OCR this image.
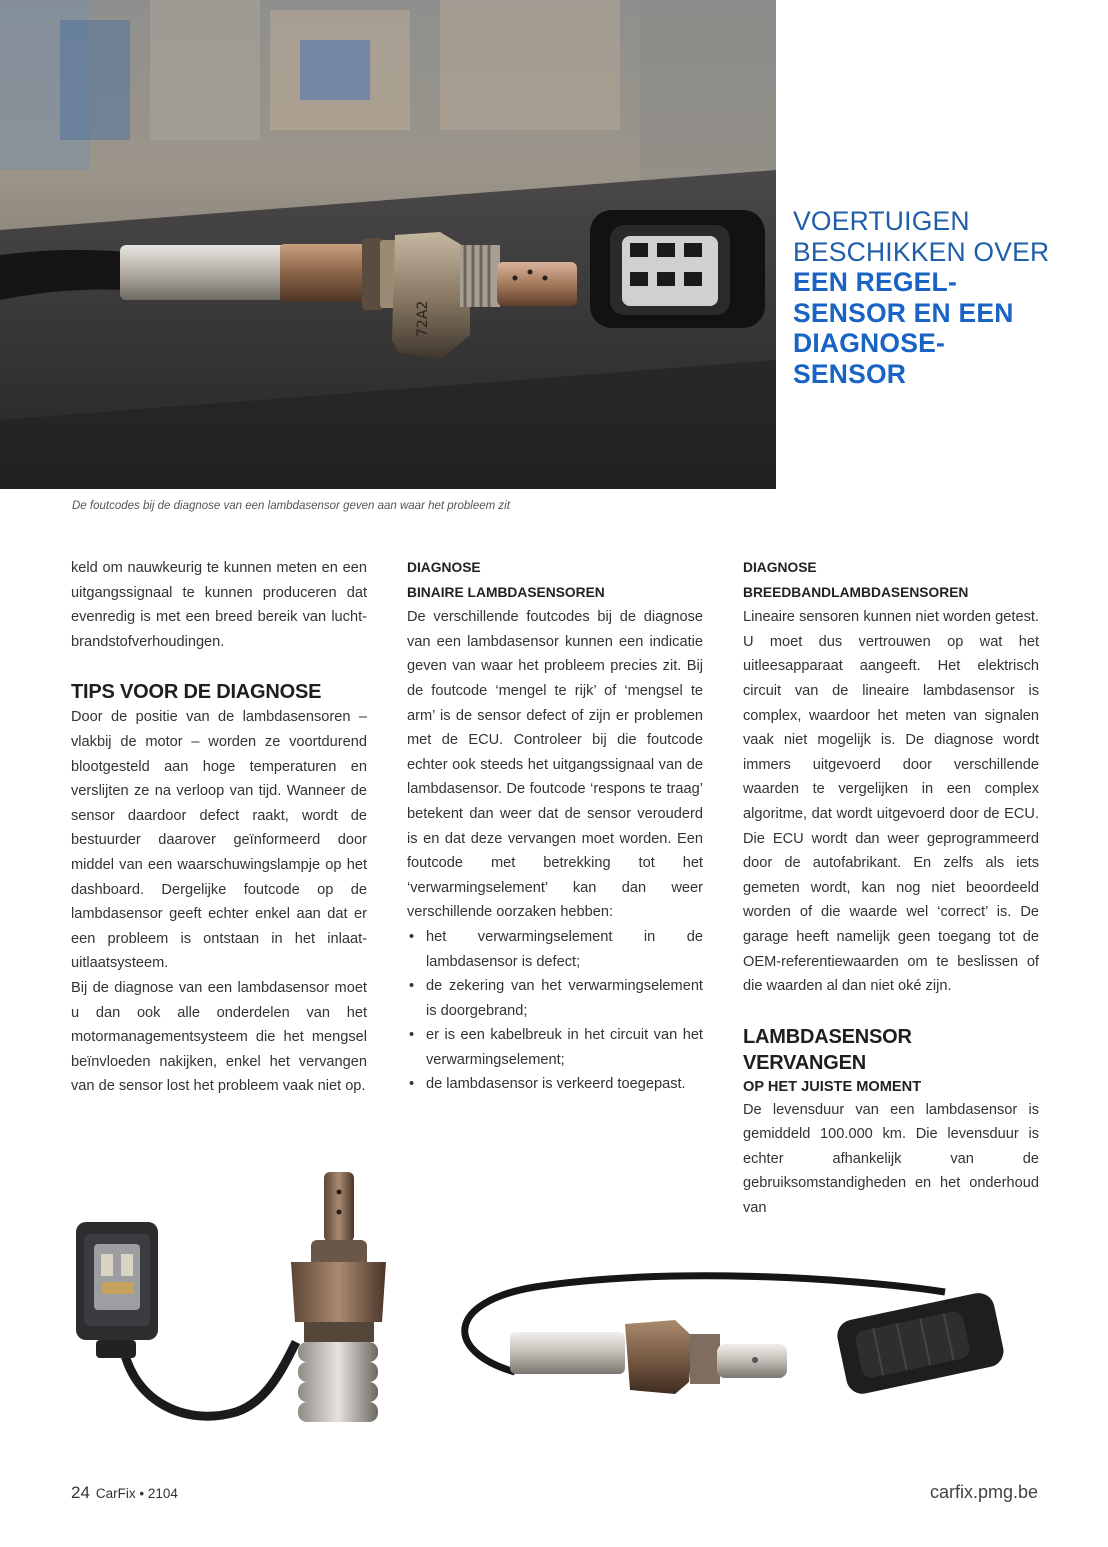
72A2
VOERTUIGEN
BESCHIKKEN OVER
EEN REGEL-
SENSOR EN EEN
DIAGNOSE-
SENSOR
De foutcodes bij de diagnose van een lambdasensor geven aan waar het probleem zit

keld om nauwkeurig te kunnen meten en een uitgangssignaal te kunnen produceren dat evenredig is met een breed bereik van lucht-brandstofverhoudingen.

TIPS VOOR DE DIAGNOSE

Door de positie van de lambdasensoren – vlakbij de motor – worden ze voortdurend blootgesteld aan hoge temperaturen en verslijten ze na verloop van tijd. Wanneer de sensor daardoor defect raakt, wordt de bestuurder daarover geïnformeerd door middel van een waarschuwingslampje op het dashboard. Dergelijke foutcode op de lambdasensor geeft echter enkel aan dat er een probleem is ontstaan in het inlaat-uitlaatsysteem.

Bij de diagnose van een lambdasensor moet u dan ook alle onderdelen van het motormanagementsysteem die het mengsel beïnvloeden nakijken, enkel het vervangen van de sensor lost het probleem vaak niet op.

DIAGNOSE
BINAIRE LAMBDASENSOREN

De verschillende foutcodes bij de diagnose van een lambdasensor kunnen een indicatie geven van waar het probleem precies zit. Bij de foutcode ‘mengel te rijk’ of ‘mengsel te arm’ is de sensor defect of zijn er problemen met de ECU. Controleer bij die foutcode echter ook steeds het uitgangssignaal van de lambdasensor. De foutcode ‘respons te traag’ betekent dan weer dat de sensor verouderd is en dat deze vervangen moet worden. Een foutcode met betrekking tot het ‘verwarmingselement’ kan dan weer verschillende oorzaken hebben:

• het verwarmingselement in de lambdasensor is defect;
• de zekering van het verwarmingselement is doorgebrand;
• er is een kabelbreuk in het circuit van het verwarmingselement;
• de lambdasensor is verkeerd toegepast.
DIAGNOSE
BREEDBANDLAMBDASENSOREN

Lineaire sensoren kunnen niet worden getest. U moet dus vertrouwen op wat het uitleesapparaat aangeeft. Het elektrisch circuit van de lineaire lambdasensor is complex, waardoor het meten van signalen vaak niet mogelijk is. De diagnose wordt immers uitgevoerd door verschillende waarden te vergelijken in een complex algoritme, dat wordt uitgevoerd door de ECU. Die ECU wordt dan weer geprogrammeerd door de autofabrikant. En zelfs als iets gemeten wordt, kan nog niet beoordeeld worden of die waarde wel ‘correct’ is. De garage heeft namelijk geen toegang tot de OEM-referentiewaarden om te beslissen of die waarden al dan niet oké zijn.

LAMBDASENSOR VERVANGEN
OP HET JUISTE MOMENT

De levensduur van een lambdasensor is gemiddeld 100.000 km. Die levensduur is echter afhankelijk van de gebruiksomstandigheden en het onderhoud van

24 CarFix • 2104	carfix.pmg.be
